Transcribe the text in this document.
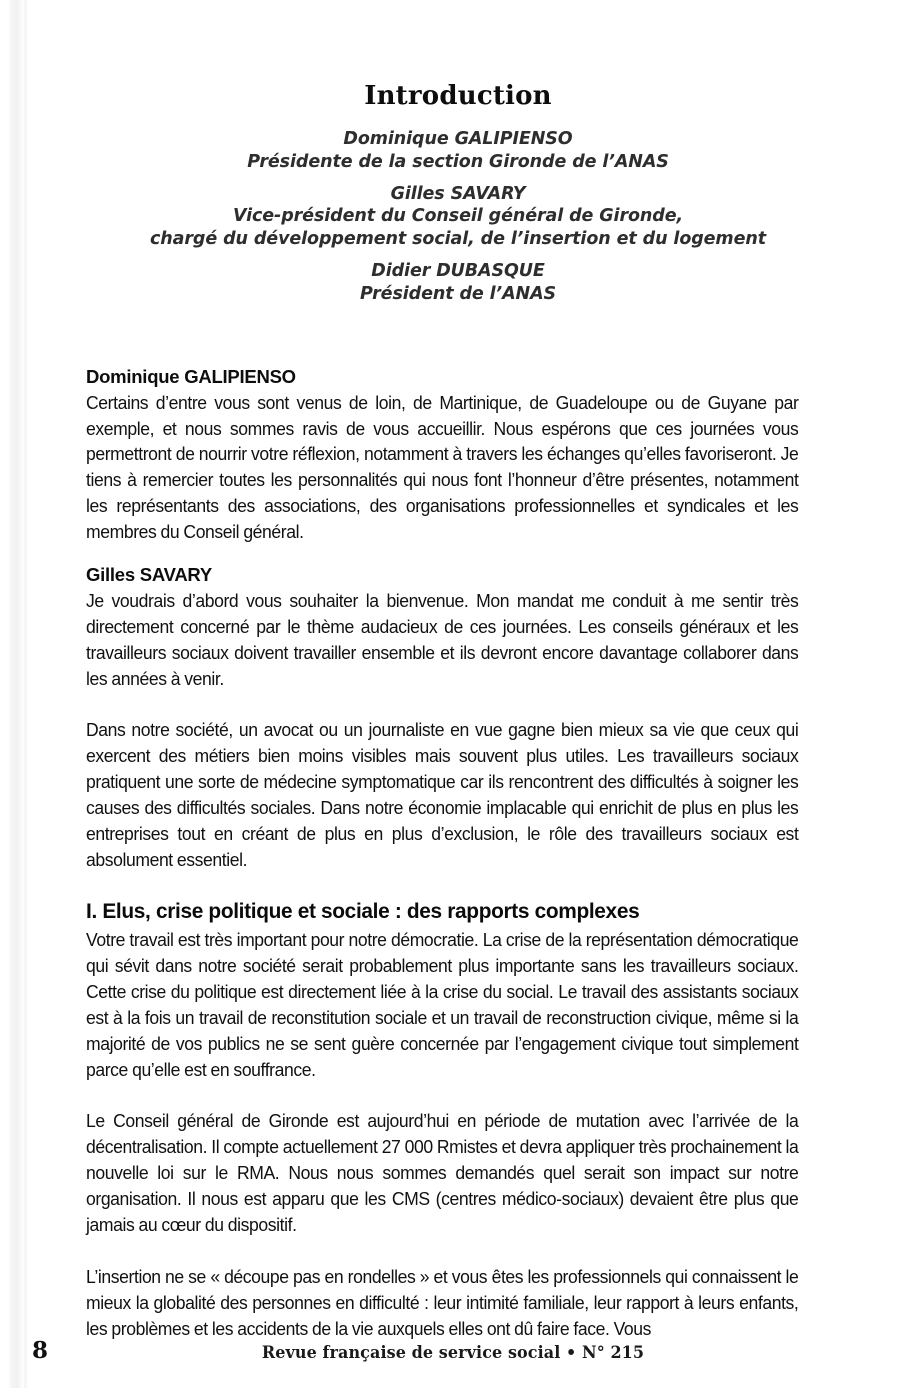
Introduction
Dominique GALIPIENSO
Présidente de la section Gironde de l’ANAS
Gilles SAVARY
Vice-président du Conseil général de Gironde,
chargé du développement social, de l’insertion et du logement
Didier DUBASQUE
Président de l’ANAS
Dominique GALIPIENSO

Certains d’entre vous sont venus de loin, de Martinique, de Guadeloupe ou de Guyane par exemple, et nous sommes ravis de vous accueillir. Nous espérons que ces journées vous permettront de nourrir votre réflexion, notamment à travers les échanges qu’elles favoriseront. Je tiens à remercier toutes les personnalités qui nous font l’honneur d’être présentes, notamment les représentants des associations, des organisations professionnelles et syndicales et les membres du Conseil général.

Gilles SAVARY

Je voudrais d’abord vous souhaiter la bienvenue. Mon mandat me conduit à me sentir très directement concerné par le thème audacieux de ces journées. Les conseils généraux et les travailleurs sociaux doivent travailler ensemble et ils devront encore davantage collaborer dans les années à venir.

Dans notre société, un avocat ou un journaliste en vue gagne bien mieux sa vie que ceux qui exercent des métiers bien moins visibles mais souvent plus utiles. Les travailleurs sociaux pratiquent une sorte de médecine symptomatique car ils rencontrent des difficultés à soigner les causes des difficultés sociales. Dans notre économie implacable qui enrichit de plus en plus les entreprises tout en créant de plus en plus d’exclusion, le rôle des travailleurs sociaux est absolument essentiel.

I. Elus, crise politique et sociale : des rapports complexes

Votre travail est très important pour notre démocratie. La crise de la représentation démocratique qui sévit dans notre société serait probablement plus importante sans les travailleurs sociaux. Cette crise du politique est directement liée à la crise du social. Le travail des assistants sociaux est à la fois un travail de reconstitution sociale et un travail de reconstruction civique, même si la majorité de vos publics ne se sent guère concernée par l’engagement civique tout simplement parce qu’elle est en souffrance.

Le Conseil général de Gironde est aujourd’hui en période de mutation avec l’arrivée de la décentralisation. Il compte actuellement 27 000 Rmistes et devra appliquer très prochainement la nouvelle loi sur le RMA. Nous nous sommes demandés quel serait son impact sur notre organisation. Il nous est apparu que les CMS (centres médico-sociaux) devaient être plus que jamais au cœur du dispositif.

L’insertion ne se « découpe pas en rondelles » et vous êtes les professionnels qui connaissent le mieux la globalité des personnes en difficulté : leur intimité familiale, leur rapport à leurs enfants, les problèmes et les accidents de la vie auxquels elles ont dû faire face. Vous

8	Revue française de service social • N° 215
